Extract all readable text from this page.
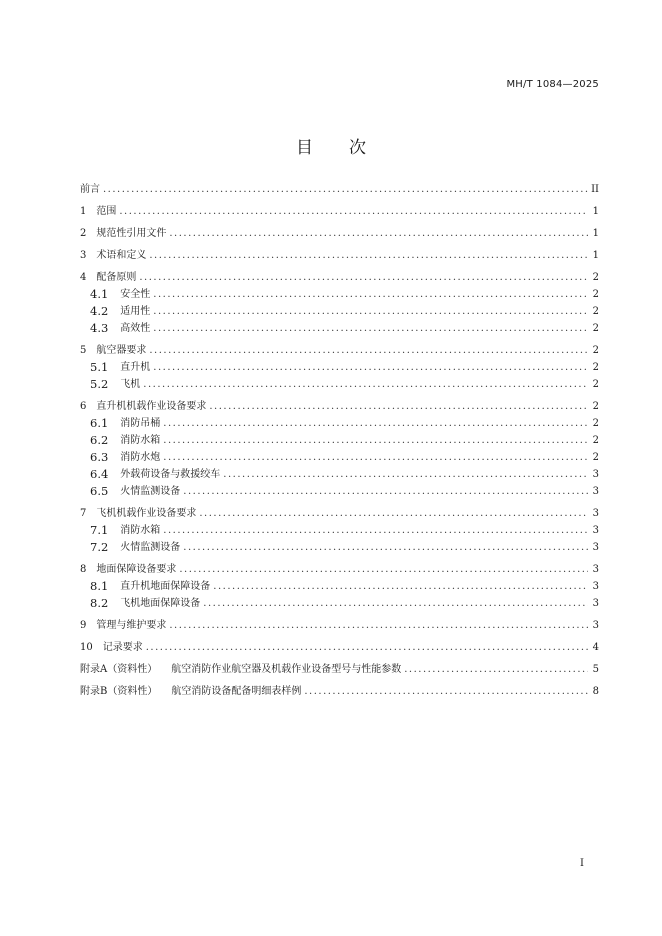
MH/T 1084—2025
目次
前言 .....	II
1 范围 .....	1
2 规范性引用文件 .....	1
3 术语和定义 .....	1
4 配备原则 .....	2
4.1 安全性 .....	2
4.2 适用性 .....	2
4.3 高效性 .....	2
5 航空器要求 .....	2
5.1 直升机 .....	2
5.2 飞机 .....	2
6 直升机机载作业设备要求 .....	2
6.1 消防吊桶 .....	2
6.2 消防水箱 .....	2
6.3 消防水炮 .....	2
6.4 外载荷设备与救援绞车 .....	3
6.5 火情监测设备 .....	3
7 飞机机载作业设备要求 .....	3
7.1 消防水箱 .....	3
7.2 火情监测设备 .....	3
8 地面保障设备要求 .....	3
8.1 直升机地面保障设备 .....	3
8.2 飞机地面保障设备 .....	3
9 管理与维护要求 .....	3
10 记录要求 .....	4
附录A（资料性） 航空消防作业航空器及机载作业设备型号与性能参数 .....	5
附录B（资料性） 航空消防设备配备明细表样例 .....	8
I
